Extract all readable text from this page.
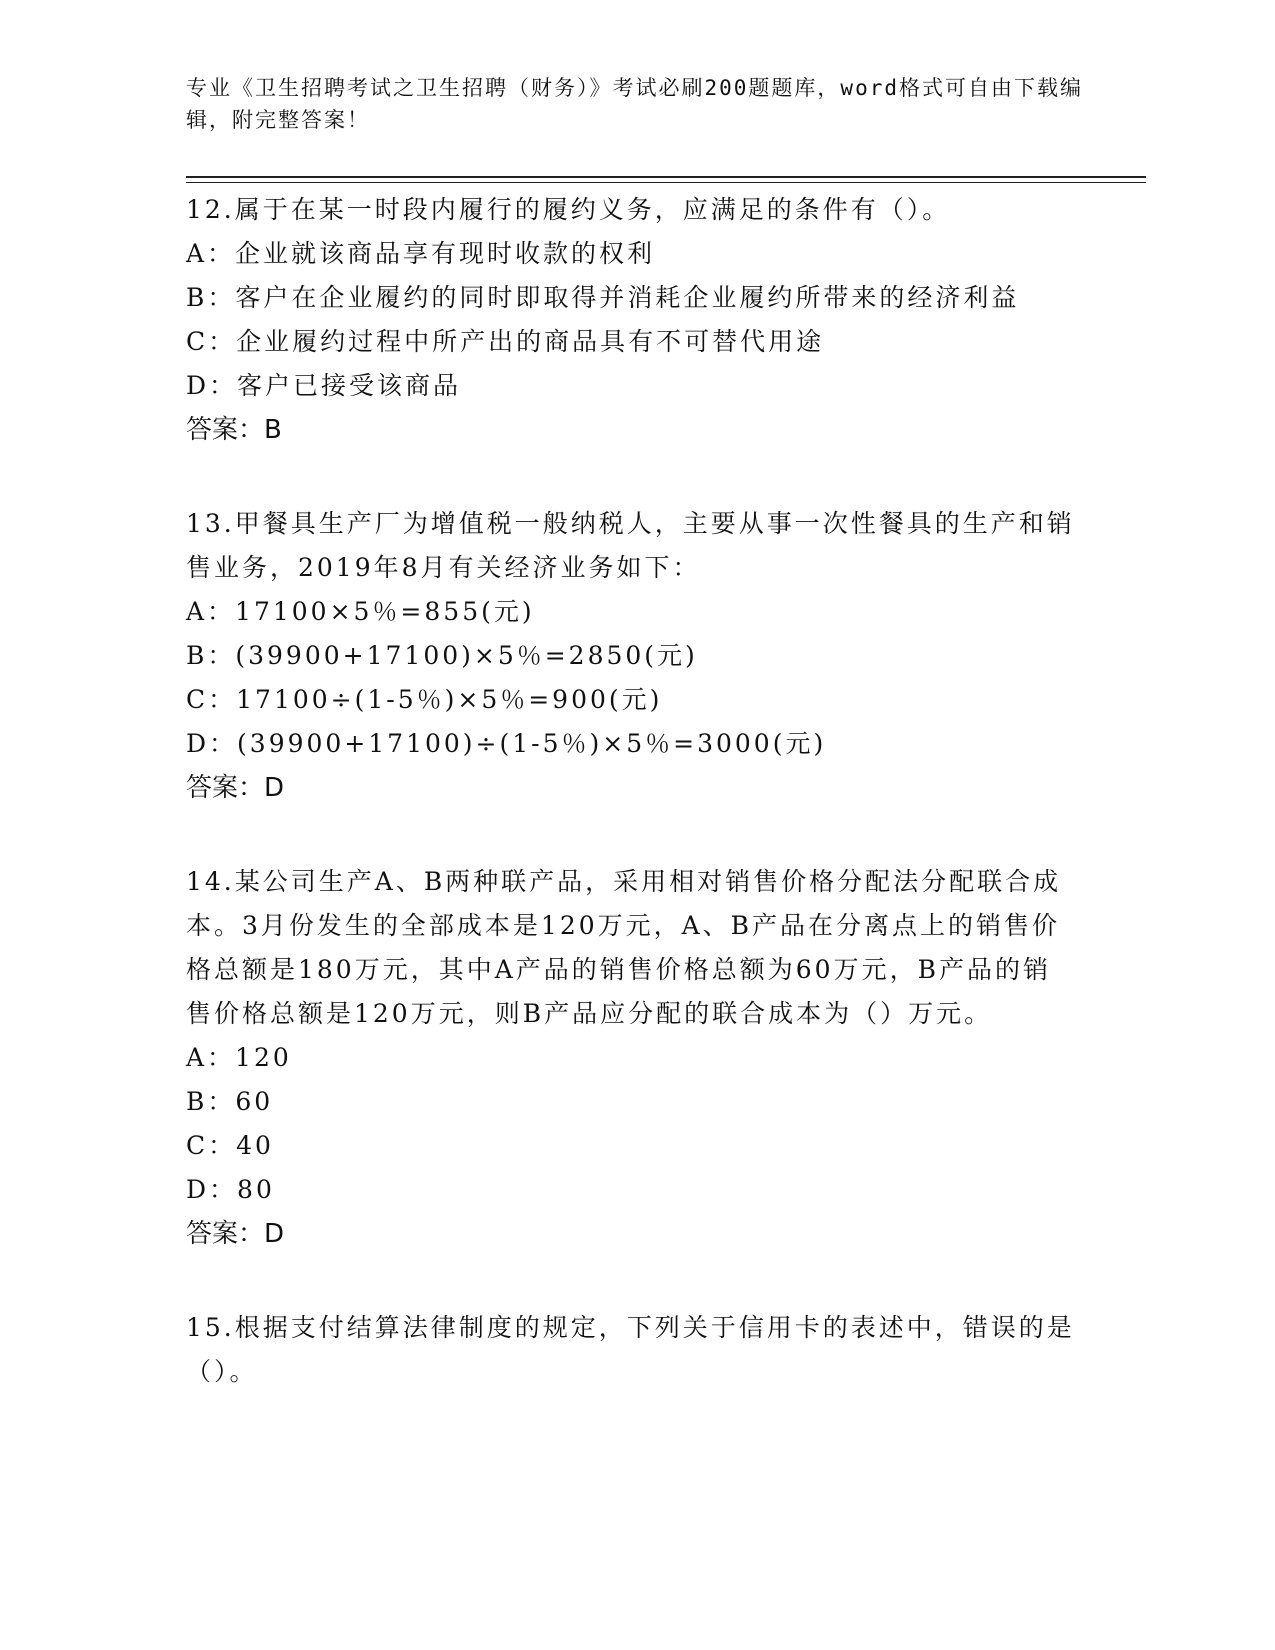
专业《卫生招聘考试之卫生招聘（财务）》考试必刷200题题库，word格式可自由下载编辑，附完整答案！

12.属于在某一时段内履行的履约义务，应满足的条件有（）。

A：企业就该商品享有现时收款的权利

B：客户在企业履约的同时即取得并消耗企业履约所带来的经济利益

C：企业履约过程中所产出的商品具有不可替代用途

D：客户已接受该商品

答案：B

13.甲餐具生产厂为增值税一般纳税人，主要从事一次性餐具的生产和销售业务，2019年8月有关经济业务如下：

A：17100×5％=855(元)

B：(39900+17100)×5％=2850(元)

C：17100÷(1-5％)×5％=900(元)

D：(39900+17100)÷(1-5％)×5％=3000(元)

答案：D

14.某公司生产A、B两种联产品，采用相对销售价格分配法分配联合成本。3月份发生的全部成本是120万元，A、B产品在分离点上的销售价格总额是180万元，其中A产品的销售价格总额为60万元，B产品的销售价格总额是120万元，则B产品应分配的联合成本为（）万元。

A：120

B：60

C：40

D：80

答案：D

15.根据支付结算法律制度的规定，下列关于信用卡的表述中，错误的是（）。
